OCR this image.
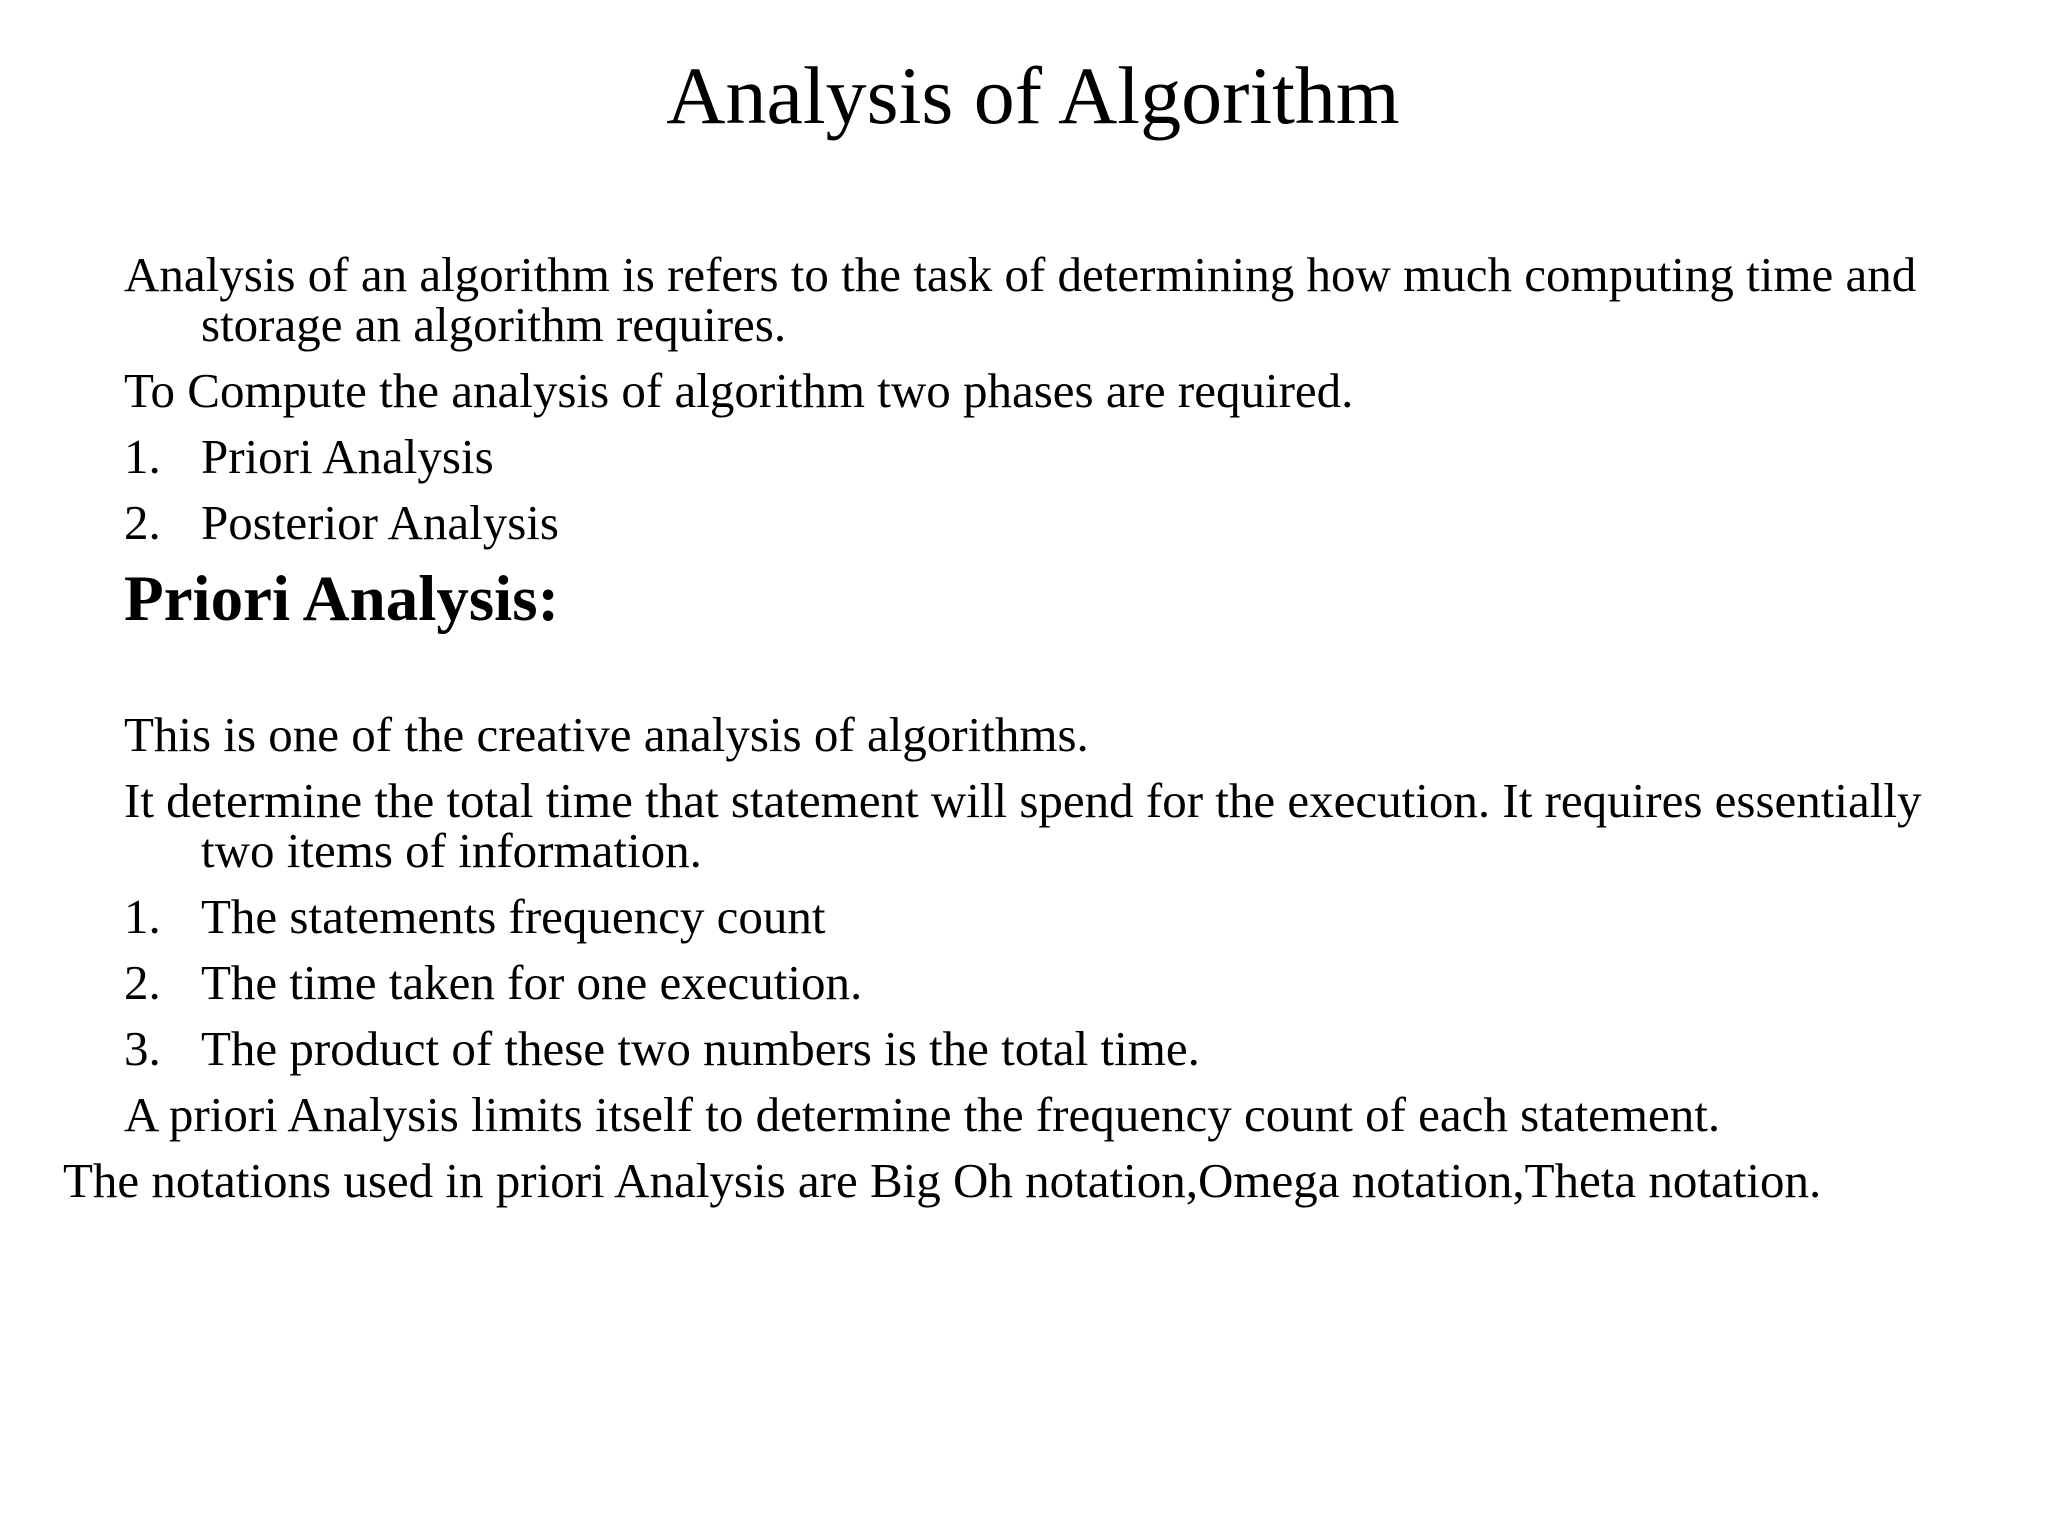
Analysis of Algorithm

Analysis of an algorithm is refers to the task of determining how much computing time and storage an algorithm requires.

To Compute the analysis of algorithm two phases are required.

1. Priori Analysis
2. Posterior Analysis
Priori Analysis:

This is one of the creative analysis of algorithms.

It determine the total time that statement will spend for the execution. It requires essentially two items of information.

1. The statements frequency count
2. The time taken for one execution.
3. The product of these two numbers is the total time.

A priori Analysis limits itself to determine the frequency count of each statement.

The notations used in priori Analysis are Big Oh notation,Omega notation,Theta notation.
